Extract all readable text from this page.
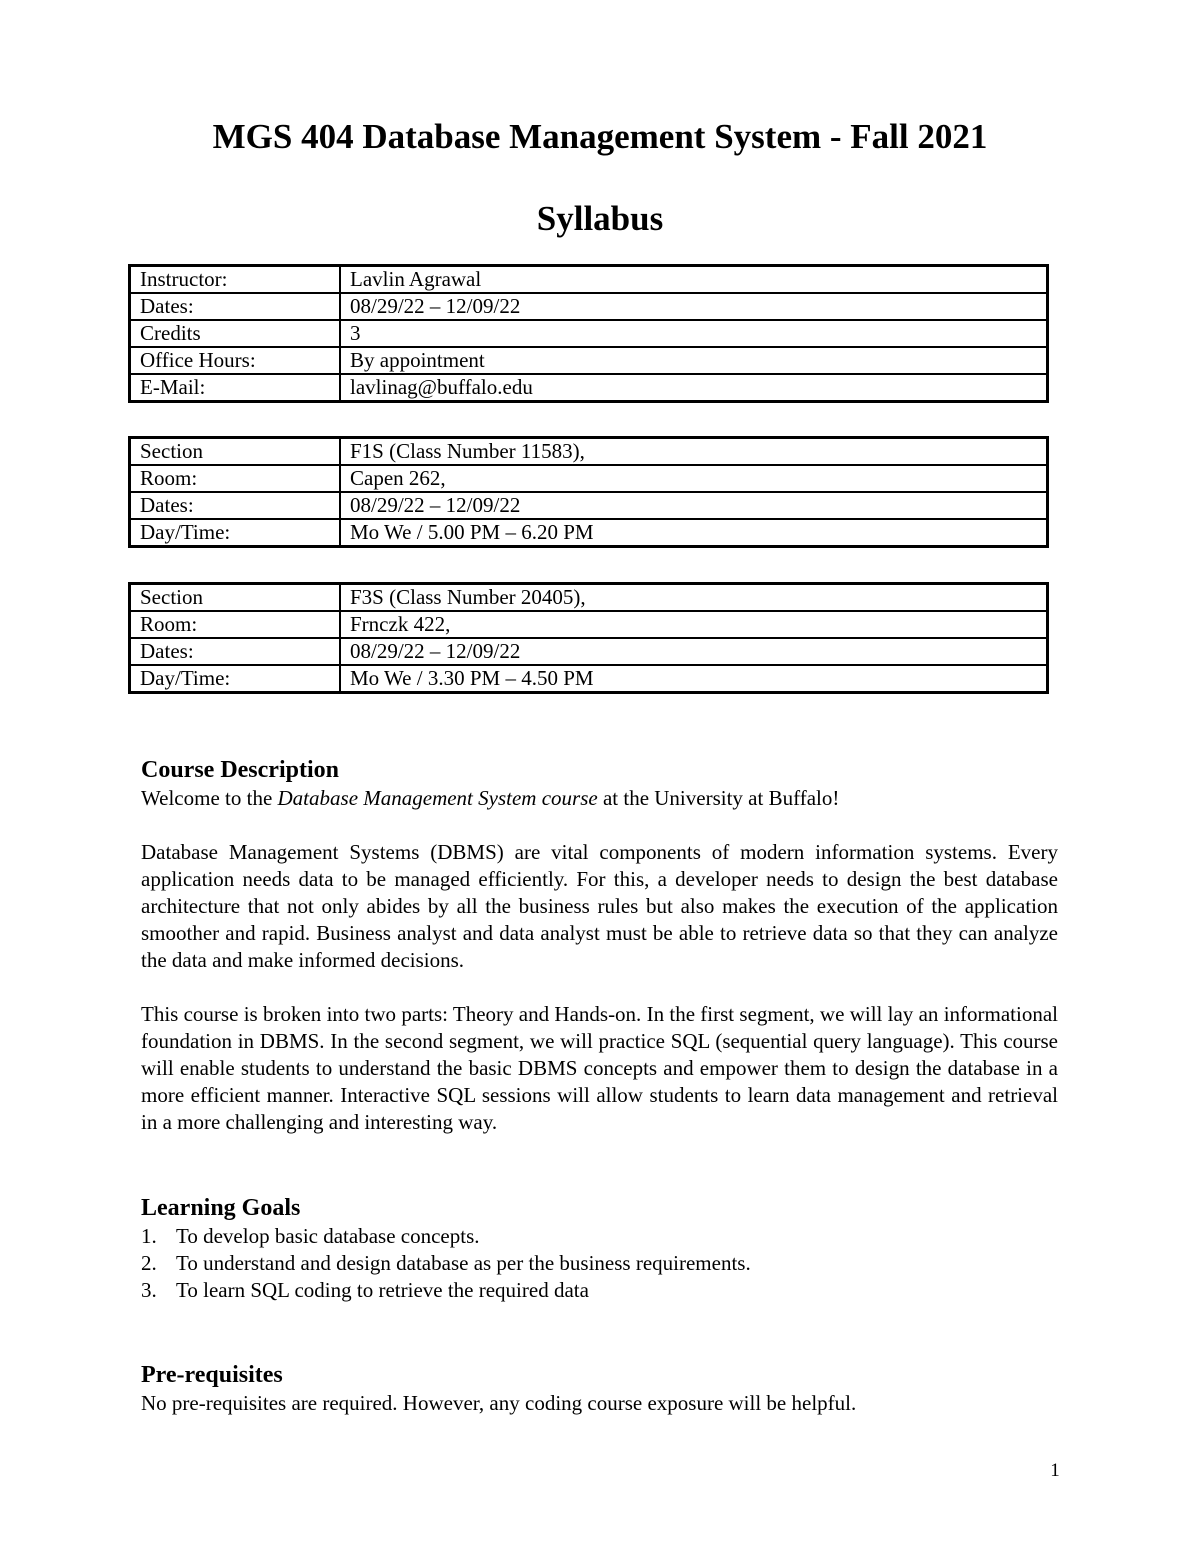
MGS 404 Database Management System - Fall 2021
Syllabus
Instructor:	Lavlin Agrawal
Dates:	08/29/22 – 12/09/22
Credits	3
Office Hours:	By appointment
E-Mail:	lavlinag@buffalo.edu
Section	F1S (Class Number 11583),
Room:	Capen 262,
Dates:	08/29/22 – 12/09/22
Day/Time:	Mo We / 5.00 PM – 6.20 PM
Section	F3S (Class Number 20405),
Room:	Frnczk 422,
Dates:	08/29/22 – 12/09/22
Day/Time:	Mo We / 3.30 PM – 4.50 PM
Course Description

Welcome to the Database Management System course at the University at Buffalo!

Database Management Systems (DBMS) are vital components of modern information systems. Every application needs data to be managed efficiently. For this, a developer needs to design the best database architecture that not only abides by all the business rules but also makes the execution of the application smoother and rapid. Business analyst and data analyst must be able to retrieve data so that they can analyze the data and make informed decisions.

This course is broken into two parts: Theory and Hands-on. In the first segment, we will lay an informational foundation in DBMS. In the second segment, we will practice SQL (sequential query language). This course will enable students to understand the basic DBMS concepts and empower them to design the database in a more efficient manner. Interactive SQL sessions will allow students to learn data management and retrieval in a more challenging and interesting way.

Learning Goals
1. To develop basic database concepts.
2. To understand and design database as per the business requirements.
3. To learn SQL coding to retrieve the required data
Pre-requisites

No pre-requisites are required. However, any coding course exposure will be helpful.

1
